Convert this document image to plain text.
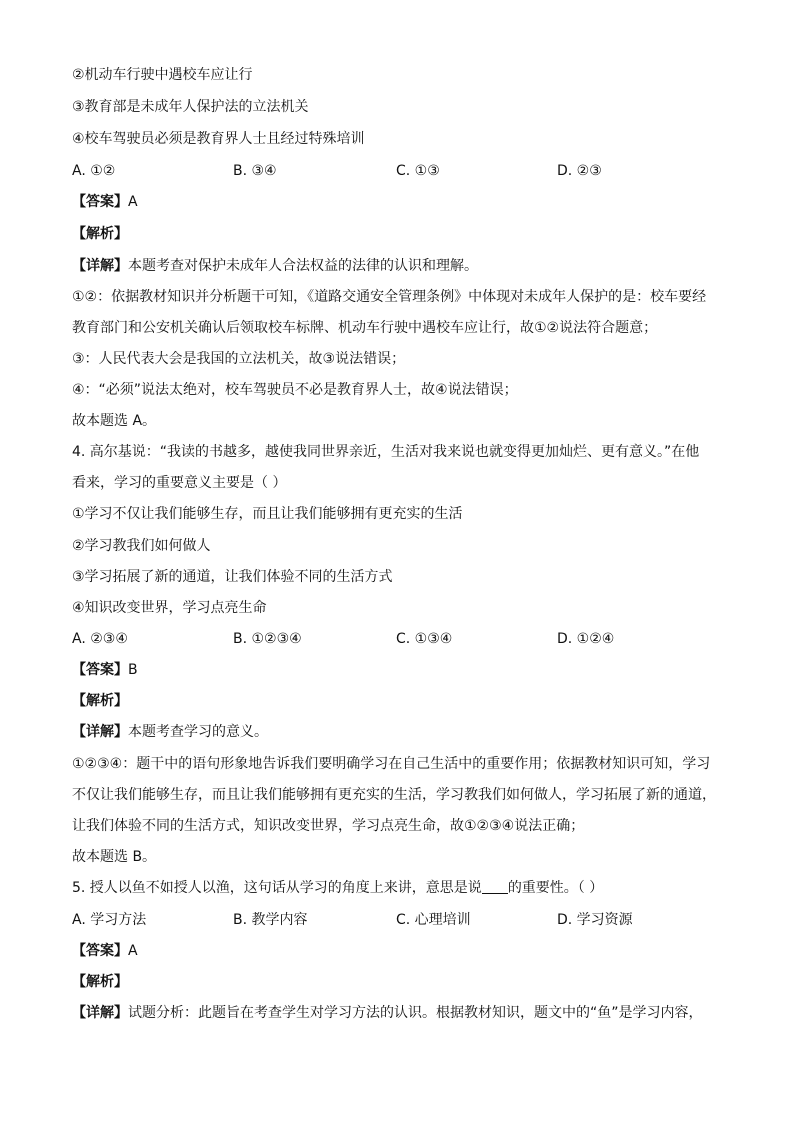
②机动车行驶中遇校车应让行
③教育部是未成年人保护法的立法机关
④校车驾驶员必须是教育界人士且经过特殊培训
A. ①②	B. ③④	C. ①③	D. ②③
【答案】A
【解析】
【详解】本题考查对保护未成年人合法权益的法律的认识和理解。
①②：依据教材知识并分析题干可知，《道路交通安全管理条例》中体现对未成年人保护的是：校车要经
教育部门和公安机关确认后领取校车标牌、机动车行驶中遇校车应让行，故①②说法符合题意；
③：人民代表大会是我国的立法机关，故③说法错误；
④：“必须”说法太绝对，校车驾驶员不必是教育界人士，故④说法错误；
故本题选 A。
4. 高尔基说：“我读的书越多，越使我同世界亲近，生活对我来说也就变得更加灿烂、更有意义。”在他
看来，学习的重要意义主要是（ ）
①学习不仅让我们能够生存，而且让我们能够拥有更充实的生活
②学习教我们如何做人
③学习拓展了新的通道，让我们体验不同的生活方式
④知识改变世界，学习点亮生命
A. ②③④	B. ①②③④	C. ①③④	D. ①②④
【答案】B
【解析】
【详解】本题考查学习的意义。
①②③④：题干中的语句形象地告诉我们要明确学习在自己生活中的重要作用；依据教材知识可知，学习
不仅让我们能够生存，而且让我们能够拥有更充实的生活，学习教我们如何做人，学习拓展了新的通道，
让我们体验不同的生活方式，知识改变世界，学习点亮生命，故①②③④说法正确；
故本题选 B。
5. 授人以鱼不如授人以渔，这句话从学习的角度上来讲，意思是说 的重要性。（ ）
A. 学习方法	B. 教学内容	C. 心理培训	D. 学习资源
【答案】A
【解析】
【详解】试题分析：此题旨在考查学生对学习方法的认识。根据教材知识，题文中的“鱼”是学习内容，
